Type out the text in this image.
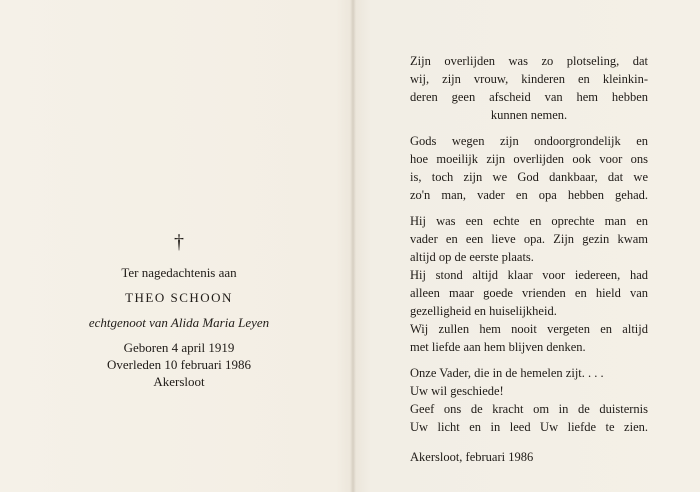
†
Ter nagedachtenis aan
THEO SCHOON
echtgenoot van Alida Maria Leyen
Geboren 4 april 1919
Overleden 10 februari 1986
Akersloot
Zijn overlijden was zo plotseling, dat
wij, zijn vrouw, kinderen en kleinkin-
deren geen afscheid van hem hebben
kunnen nemen.
Gods wegen zijn ondoorgrondelijk en
hoe moeilijk zijn overlijden ook voor ons
is, toch zijn we God dankbaar, dat we
zo'n man, vader en opa hebben gehad.
Hij was een echte en oprechte man en
vader en een lieve opa. Zijn gezin kwam
altijd op de eerste plaats.
Hij stond altijd klaar voor iedereen, had
alleen maar goede vrienden en hield van
gezelligheid en huiselijkheid.
Wij zullen hem nooit vergeten en altijd
met liefde aan hem blijven denken.
Onze Vader, die in de hemelen zijt. . . .
Uw wil geschiede!
Geef ons de kracht om in de duisternis
Uw licht en in leed Uw liefde te zien.
Akersloot, februari 1986
